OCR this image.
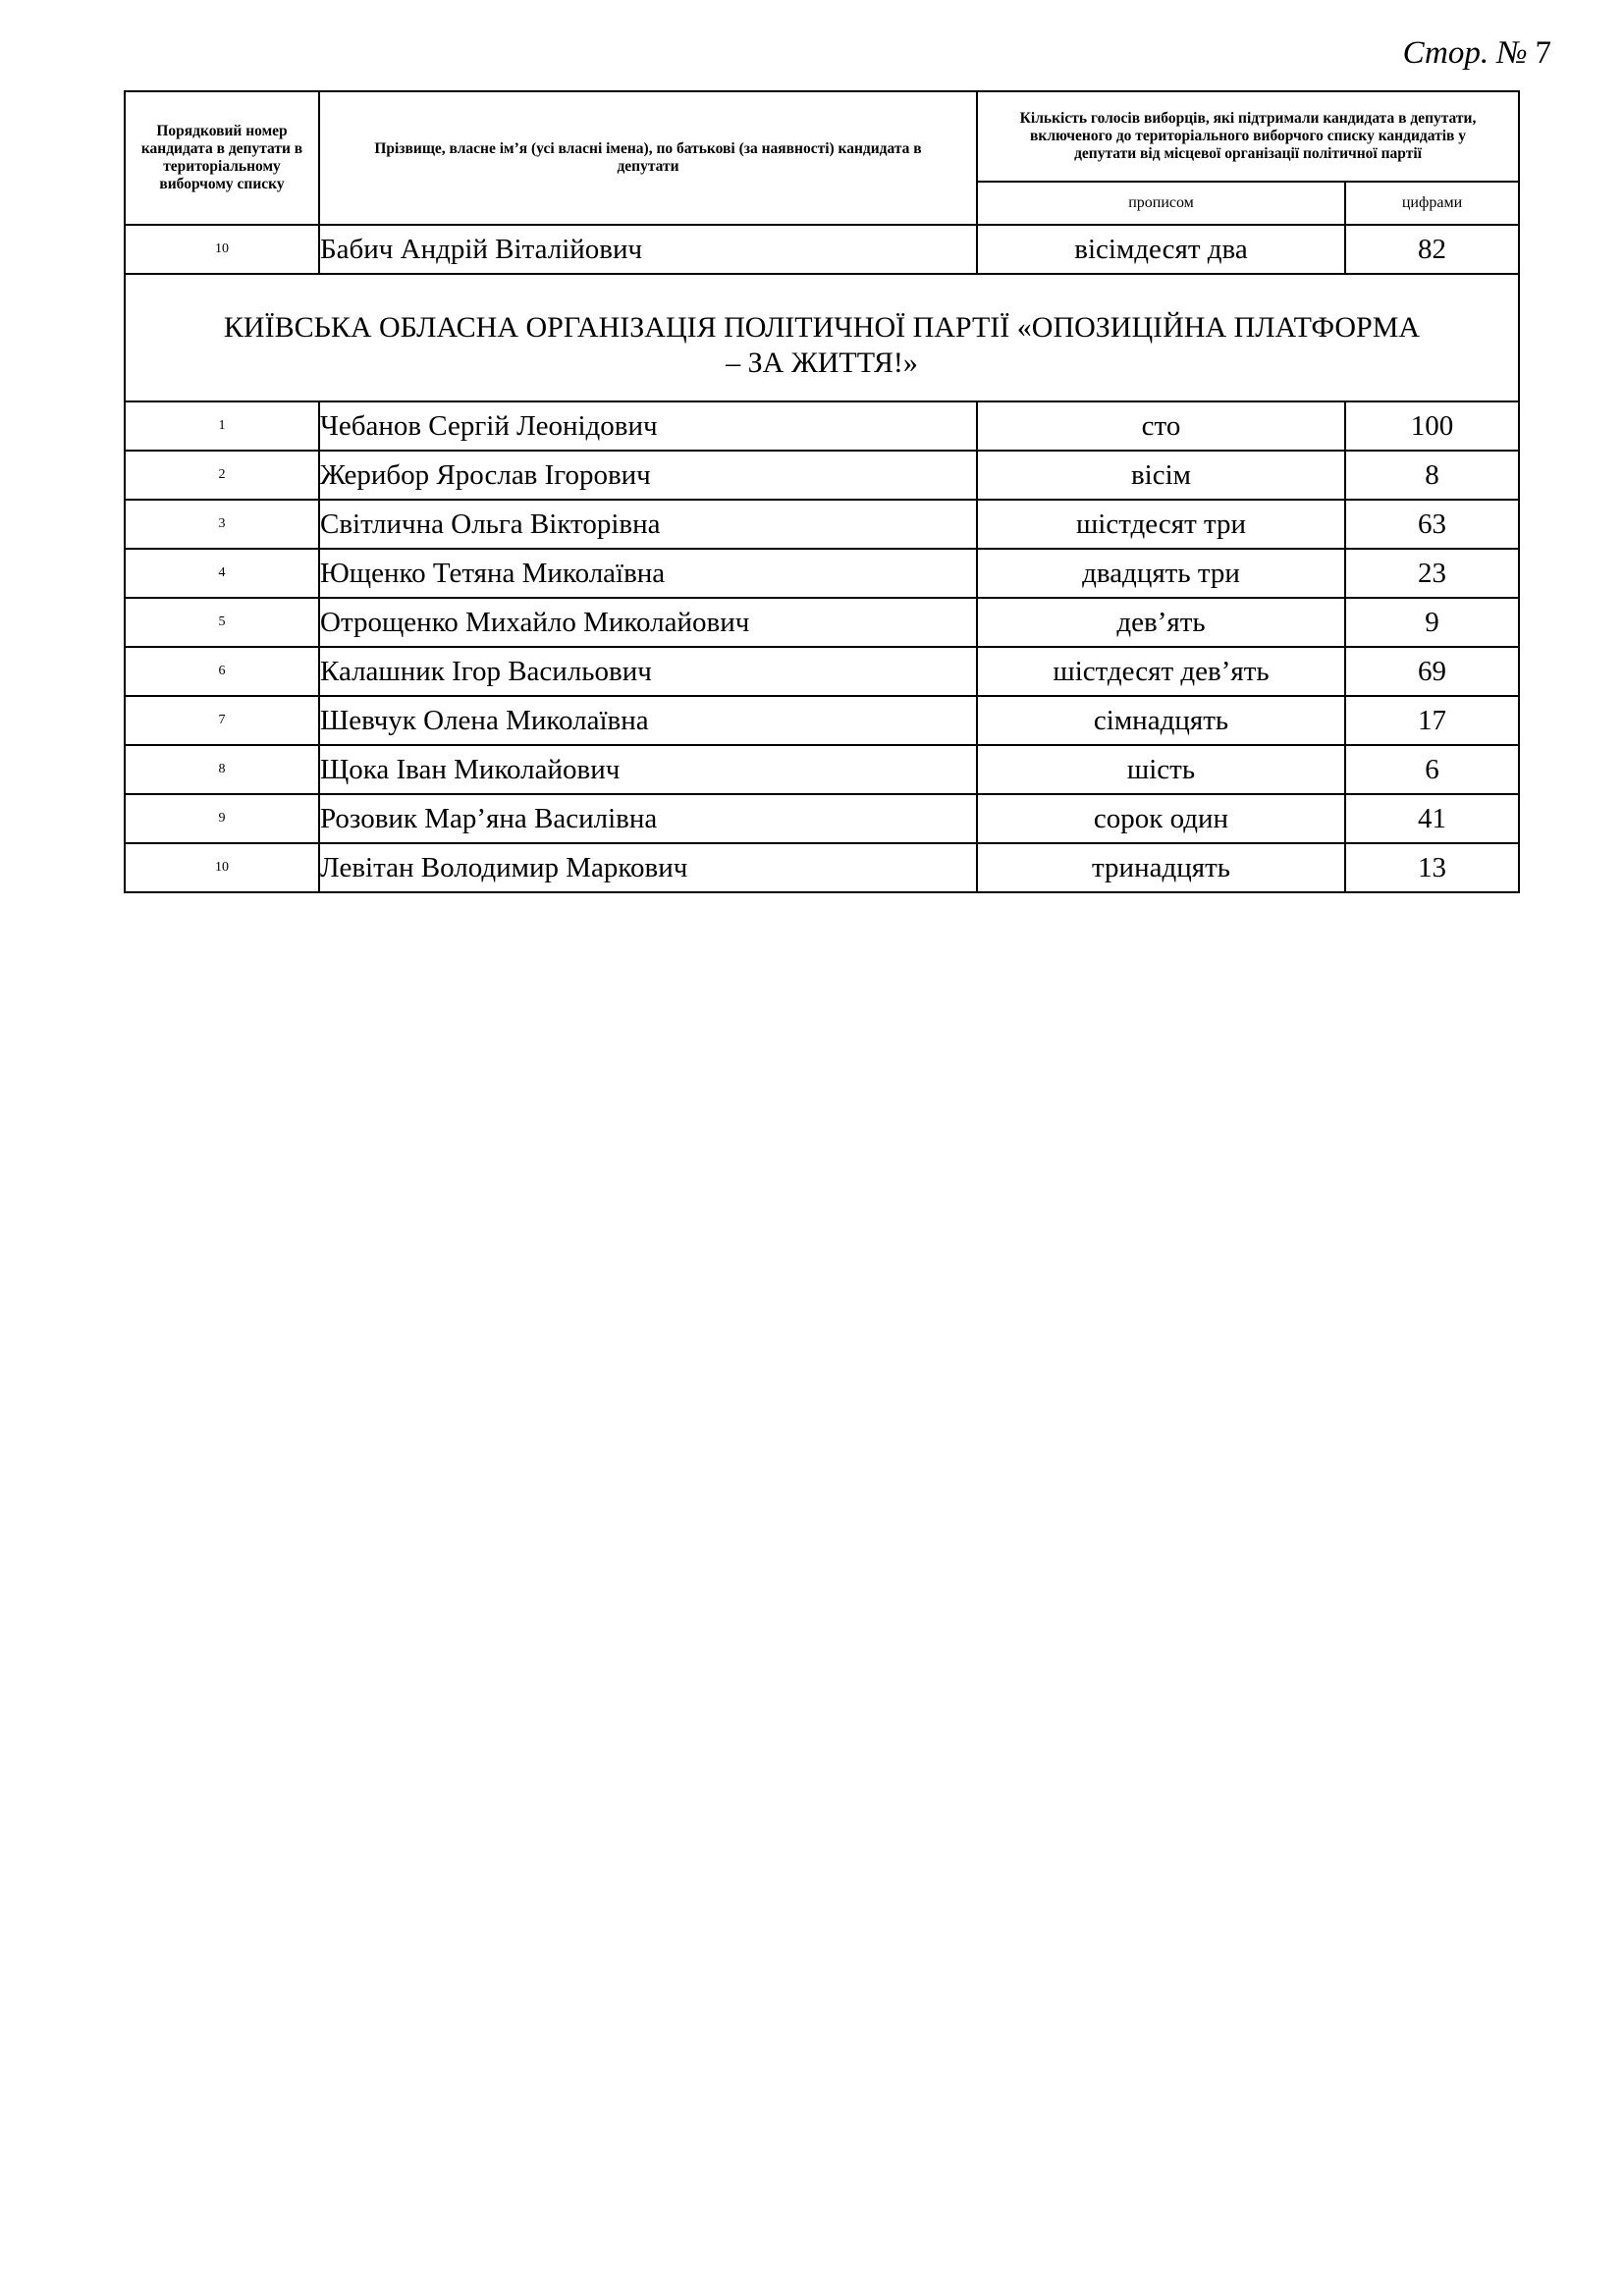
Стор. № 7
Порядковий номер кандидата в депутати в територіальному виборчому списку	Прізвище, власне ім’я (усі власні імена), по батькові (за наявності) кандидата в депутати	Кількість голосів виборців, які підтримали кандидата в депутати, включеного до територіального виборчого списку кандидатів у депутати від місцевої організації політичної партії	
		прописом	цифрами
10	Бабич Андрій Віталійович	вісімдесят два	82
КИЇВСЬКА ОБЛАСНА ОРГАНІЗАЦІЯ ПОЛІТИЧНОЇ ПАРТІЇ «ОПОЗИЦІЙНА ПЛАТФОРМА
– ЗА ЖИТТЯ!»			
1	Чебанов Сергій Леонідович	сто	100
2	Жерибор Ярослав Ігорович	вісім	8
3	Світлична Ольга Вікторівна	шістдесят три	63
4	Ющенко Тетяна Миколаївна	двадцять три	23
5	Отрощенко Михайло Миколайович	дев’ять	9
6	Калашник Ігор Васильович	шістдесят дев’ять	69
7	Шевчук Олена Миколаївна	сімнадцять	17
8	Щока Іван Миколайович	шість	6
9	Розовик Мар’яна Василівна	сорок один	41
10	Левітан Володимир Маркович	тринадцять	13
